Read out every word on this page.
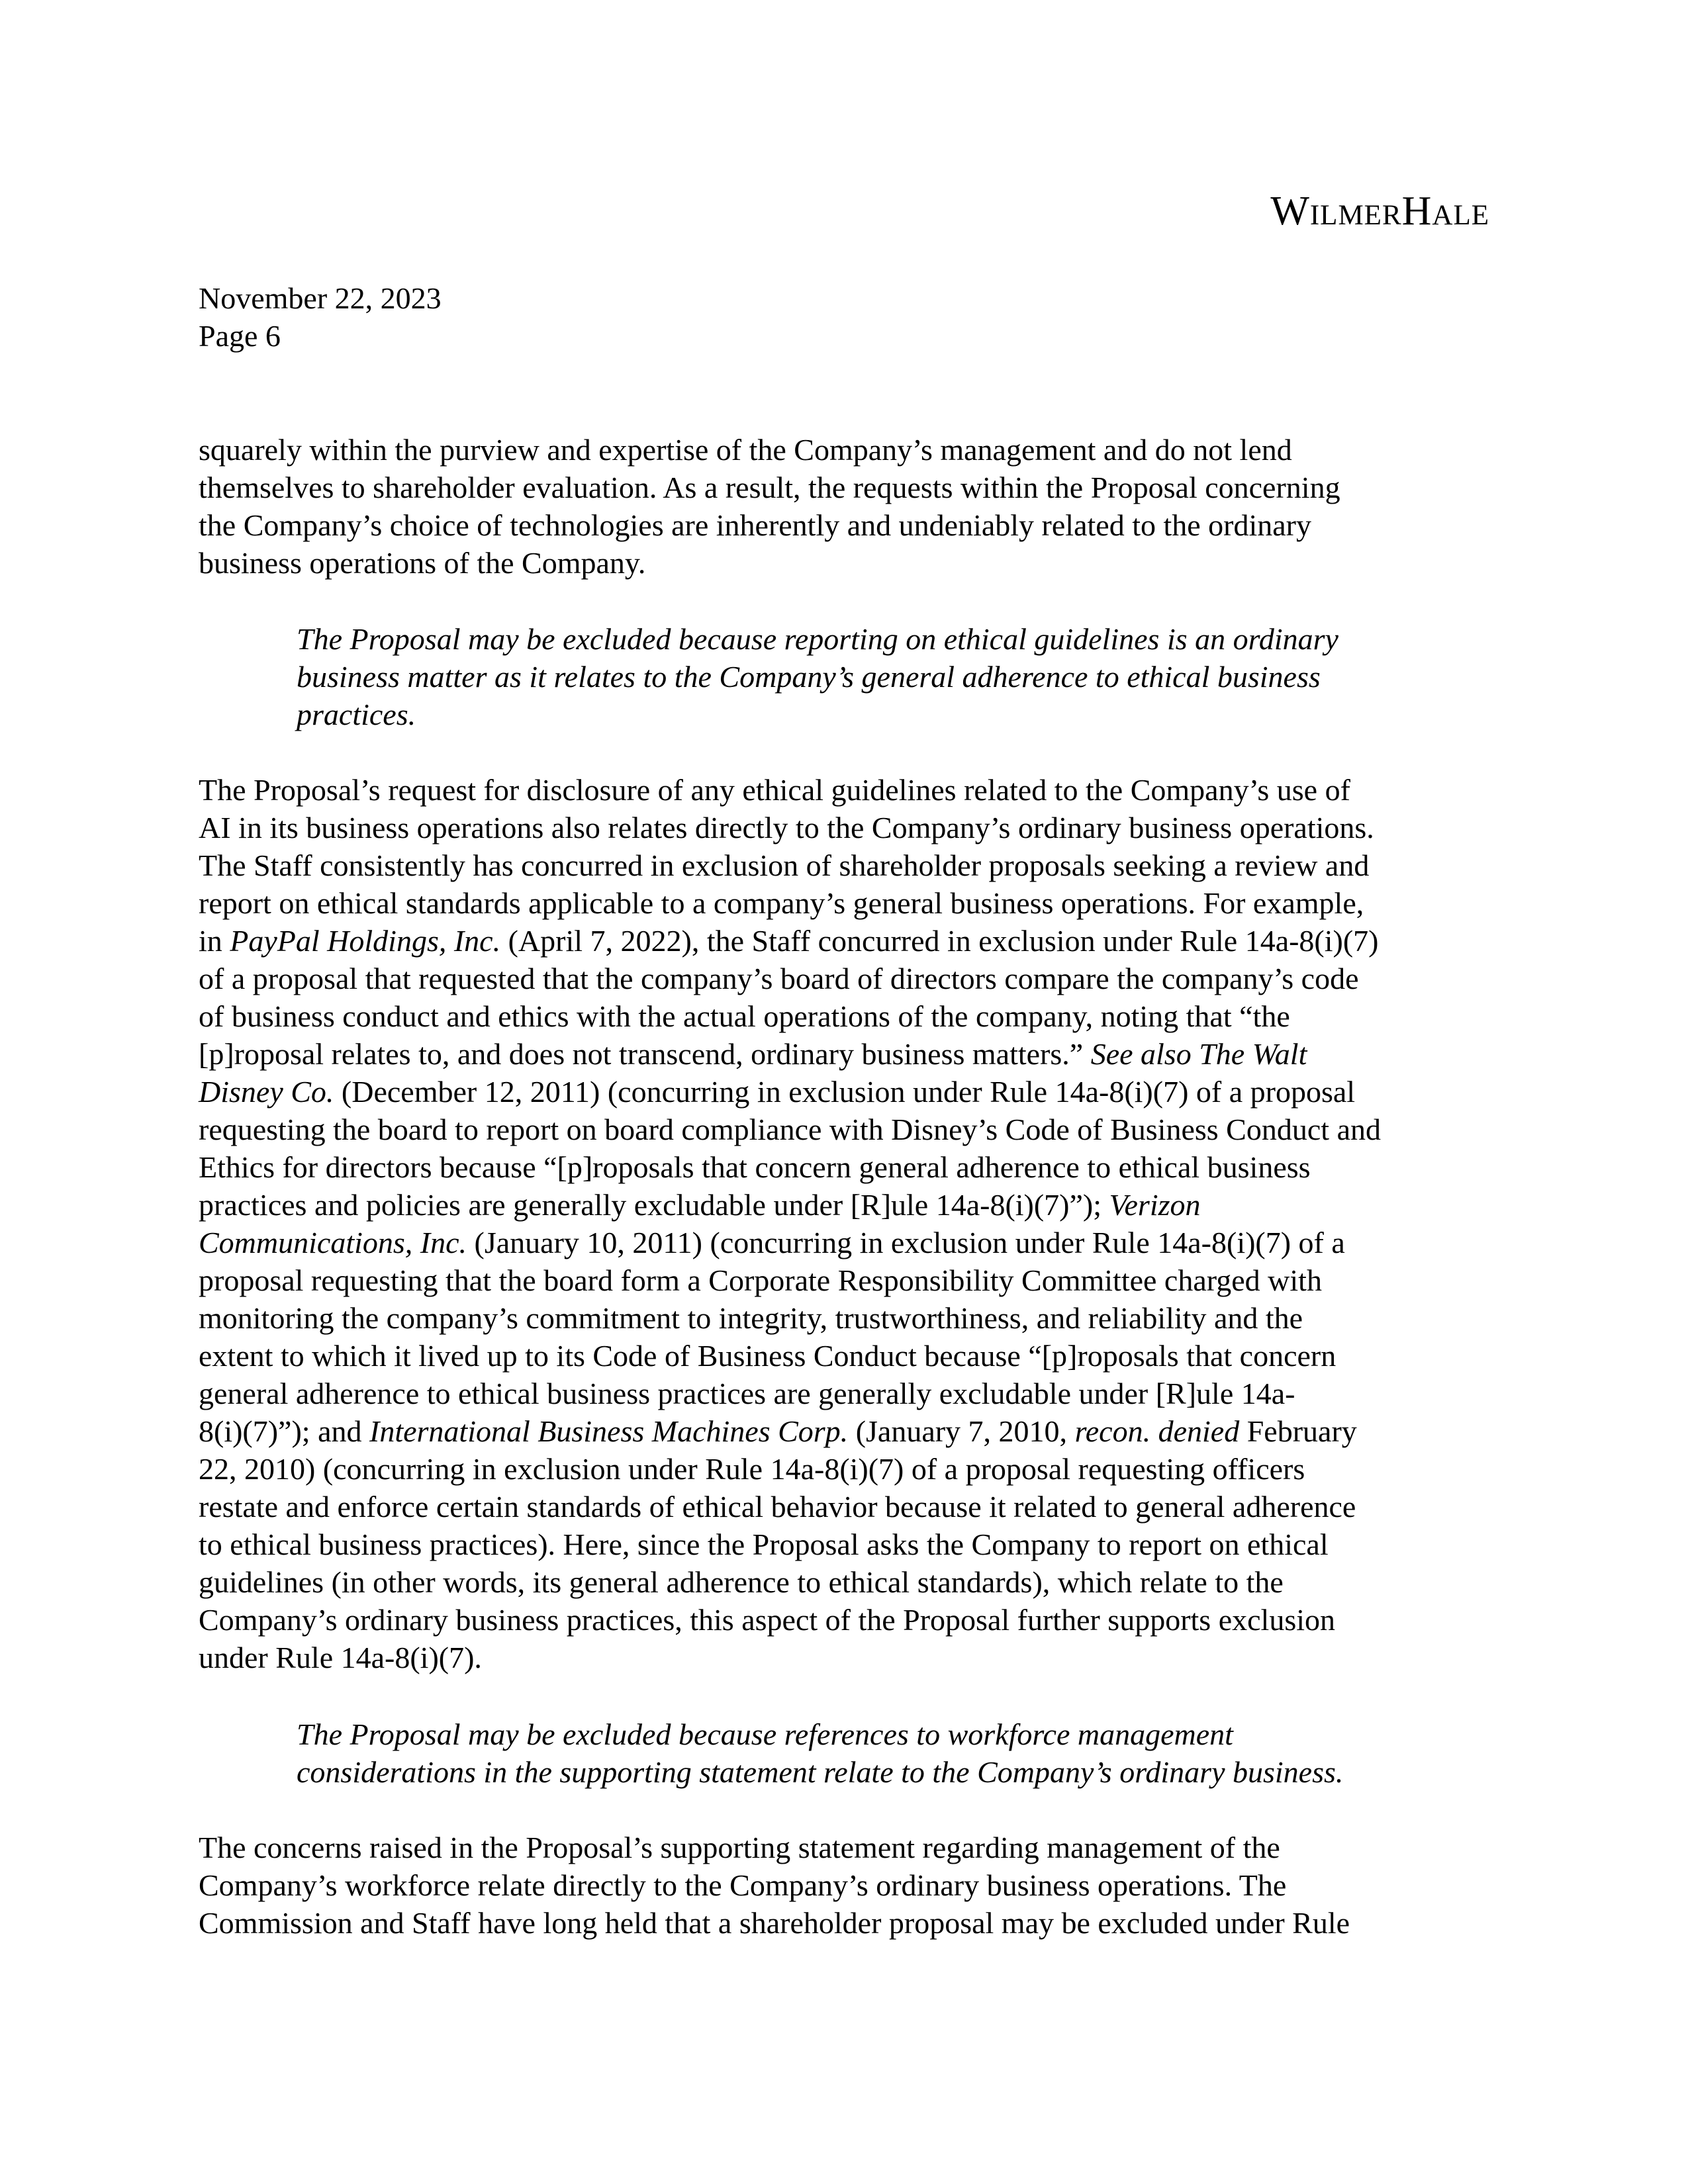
WilmerHale
November 22, 2023
Page 6
squarely within the purview and expertise of the Company’s management and do not lend
themselves to shareholder evaluation. As a result, the requests within the Proposal concerning
the Company’s choice of technologies are inherently and undeniably related to the ordinary
business operations of the Company.
The Proposal may be excluded because reporting on ethical guidelines is an ordinary
business matter as it relates to the Company’s general adherence to ethical business
practices.
The Proposal’s request for disclosure of any ethical guidelines related to the Company’s use of
AI in its business operations also relates directly to the Company’s ordinary business operations.
The Staff consistently has concurred in exclusion of shareholder proposals seeking a review and
report on ethical standards applicable to a company’s general business operations. For example,
in PayPal Holdings, Inc. (April 7, 2022), the Staff concurred in exclusion under Rule 14a-8(i)(7)
of a proposal that requested that the company’s board of directors compare the company’s code
of business conduct and ethics with the actual operations of the company, noting that “the
[p]roposal relates to, and does not transcend, ordinary business matters.” See also The Walt
Disney Co. (December 12, 2011) (concurring in exclusion under Rule 14a-8(i)(7) of a proposal
requesting the board to report on board compliance with Disney’s Code of Business Conduct and
Ethics for directors because “[p]roposals that concern general adherence to ethical business
practices and policies are generally excludable under [R]ule 14a-8(i)(7)”); Verizon
Communications, Inc. (January 10, 2011) (concurring in exclusion under Rule 14a-8(i)(7) of a
proposal requesting that the board form a Corporate Responsibility Committee charged with
monitoring the company’s commitment to integrity, trustworthiness, and reliability and the
extent to which it lived up to its Code of Business Conduct because “[p]roposals that concern
general adherence to ethical business practices are generally excludable under [R]ule 14a-
8(i)(7)”); and International Business Machines Corp. (January 7, 2010, recon. denied February
22, 2010) (concurring in exclusion under Rule 14a-8(i)(7) of a proposal requesting officers
restate and enforce certain standards of ethical behavior because it related to general adherence
to ethical business practices). Here, since the Proposal asks the Company to report on ethical
guidelines (in other words, its general adherence to ethical standards), which relate to the
Company’s ordinary business practices, this aspect of the Proposal further supports exclusion
under Rule 14a-8(i)(7).
The Proposal may be excluded because references to workforce management
considerations in the supporting statement relate to the Company’s ordinary business.
The concerns raised in the Proposal’s supporting statement regarding management of the
Company’s workforce relate directly to the Company’s ordinary business operations. The
Commission and Staff have long held that a shareholder proposal may be excluded under Rule
